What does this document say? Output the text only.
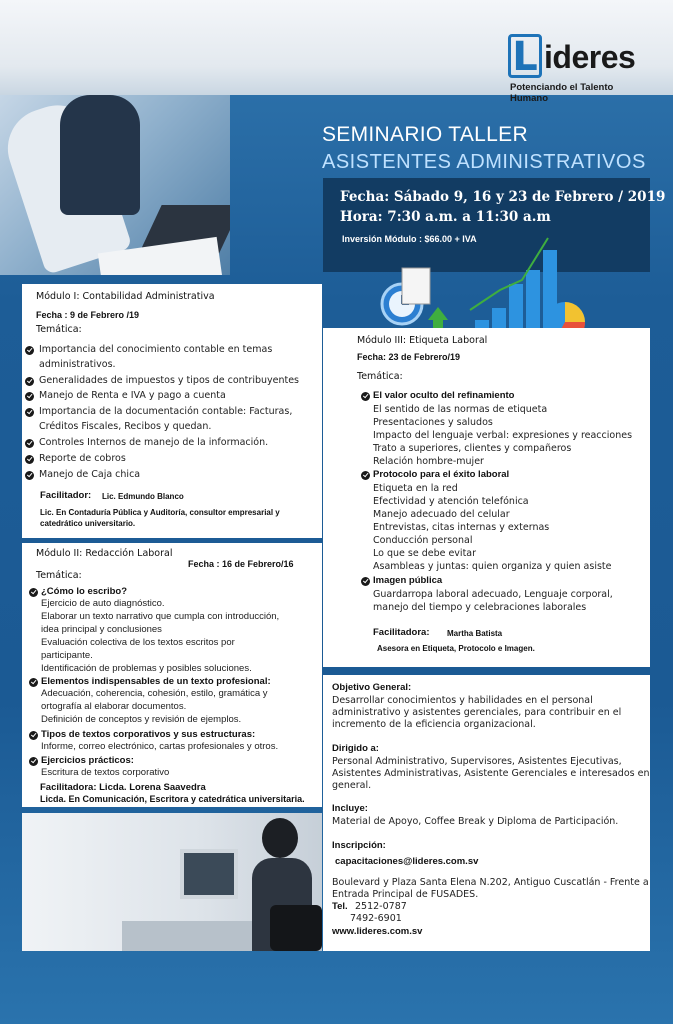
L ideres
Potenciando el Talento Humano
SEMINARIO TALLER
ASISTENTES ADMINISTRATIVOS
Fecha: Sábado 9, 16 y 23 de Febrero / 2019
Hora: 7:30 a.m. a 11:30 a.m
Inversión Módulo : $66.00 + IVA
Módulo I: Contabilidad Administrativa
Fecha : 9 de Febrero /19
Temática:
Importancia del conocimiento contable en temas
administrativos.
Generalidades de impuestos y tipos de contribuyentes
Manejo de Renta e IVA y pago a cuenta
Importancia de la documentación contable: Facturas,
Créditos Fiscales, Recibos y quedan.
Controles Internos de manejo de la información.
Reporte de cobros
Manejo de Caja chica
Facilitador: Lic. Edmundo Blanco
Lic. En Contaduría Pública y Auditoría, consultor empresarial y
catedrático universitario.
Módulo II: Redacción Laboral
Fecha : 16 de Febrero/16
Temática:
¿Cómo lo escribo?
Ejercicio de auto diagnóstico.
Elaborar un texto narrativo que cumpla con introducción,
idea principal y conclusiones
Evaluación colectiva de los textos escritos por
participante.
Identificación de problemas y posibles soluciones.
Elementos indispensables de un texto profesional:
Adecuación, coherencia, cohesión, estilo, gramática y
ortografía al elaborar documentos.
Definición de conceptos y revisión de ejemplos.
Tipos de textos corporativos y sus estructuras:
Informe, correo electrónico, cartas profesionales y otros.
Ejercicios prácticos:
Escritura de textos corporativo
Facilitadora: Licda. Lorena Saavedra
Licda. En Comunicación, Escritora y catedrática universitaria.
Módulo III: Etiqueta Laboral
Fecha: 23 de Febrero/19
Temática:
El valor oculto del refinamiento
El sentido de las normas de etiqueta
Presentaciones y saludos
Impacto del lenguaje verbal: expresiones y reacciones
Trato a superiores, clientes y compañeros
Relación hombre-mujer
Protocolo para el éxito laboral
Etiqueta en la red
Efectividad y atención telefónica
Manejo adecuado del celular
Entrevistas, citas internas y externas
Conducción personal
Lo que se debe evitar
Asambleas y juntas: quien organiza y quien asiste
Imagen pública
Guardarropa laboral adecuado, Lenguaje corporal,
manejo del tiempo y celebraciones laborales
Facilitadora: Martha Batista
Asesora en Etiqueta, Protocolo e Imagen.
Objetivo General:
Desarrollar conocimientos y habilidades en el personal
administrativo y asistentes gerenciales, para contribuir en el
incremento de la eficiencia organizacional.
Dirigido a:
Personal Administrativo, Supervisores, Asistentes Ejecutivas,
Asistentes Administrativas, Asistente Gerenciales e interesados en
general.
Incluye:
Material de Apoyo, Coffee Break y Diploma de Participación.
Inscripción:
capacitaciones@lideres.com.sv
Boulevard y Plaza Santa Elena N.202, Antiguo Cuscatlán - Frente a
Entrada Principal de FUSADES.
Tel. 2512-0787
7492-6901
www.lideres.com.sv
